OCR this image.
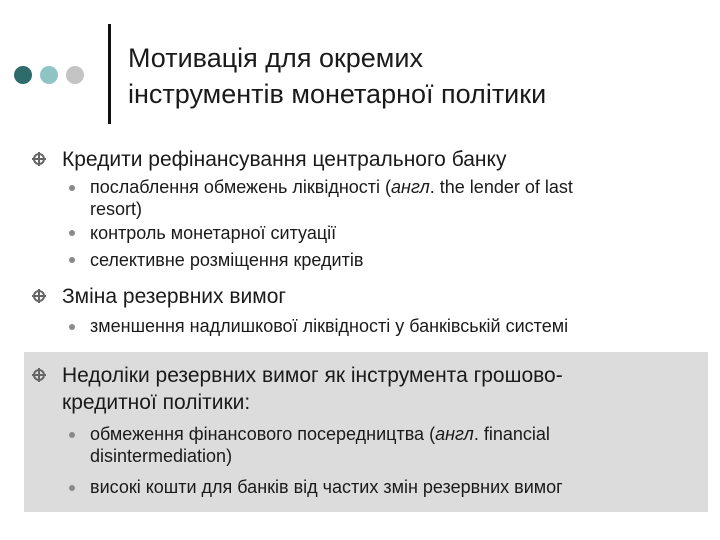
Мотивація для окремих
інструментів монетарної політики
Кредити рефінансування центрального банку
послаблення обмежень ліквідності (англ. the lender of last
resort)
контроль монетарної ситуації
селективне розміщення кредитів
Зміна резервних вимог
зменшення надлишкової ліквідності у банківській системі
Недоліки резервних вимог як інструмента грошово-
кредитної політики:
обмеження фінансового посередництва (англ. financial
disintermediation)
високі кошти для банків від частих змін резервних вимог
